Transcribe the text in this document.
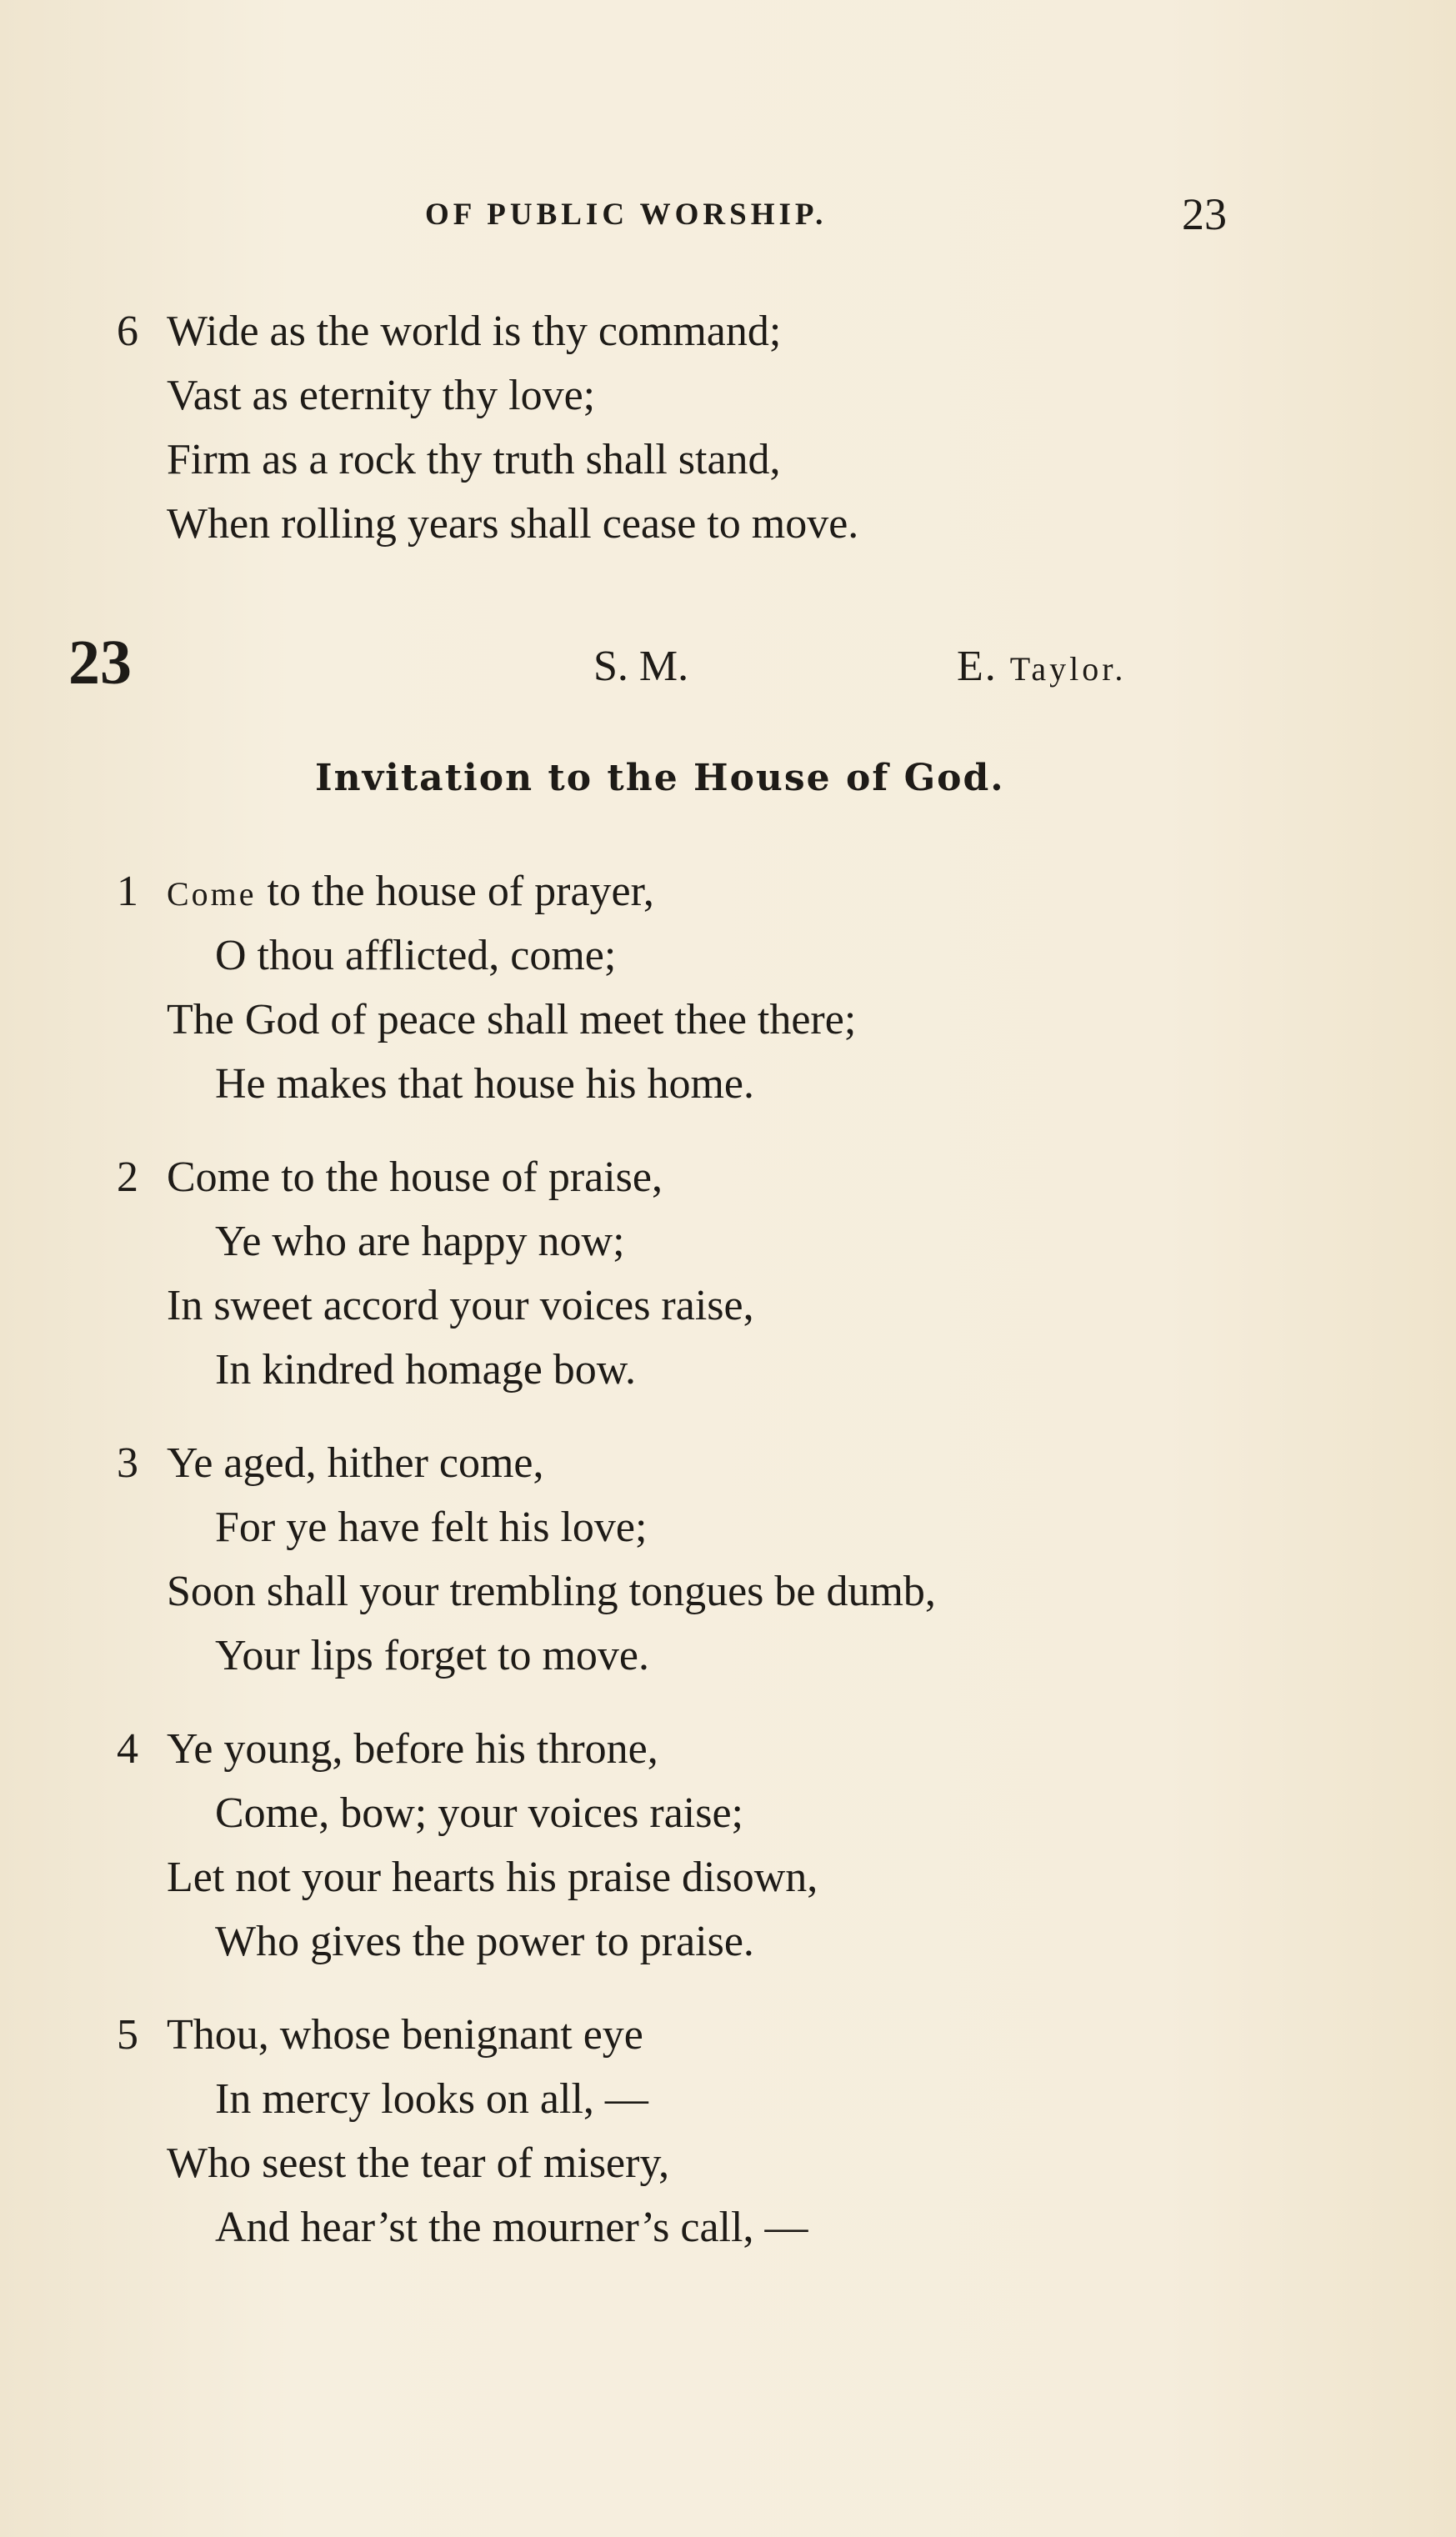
OF PUBLIC WORSHIP.	23
6 Wide as the world is thy command;

Vast as eternity thy love;

Firm as a rock thy truth shall stand,

When rolling years shall cease to move.

23	S. M.	E. Taylor.
Invitation to the House of God.
1 Come to the house of prayer,

O thou afflicted, come;

The God of peace shall meet thee there;

He makes that house his home.

2 Come to the house of praise,

Ye who are happy now;

In sweet accord your voices raise,

In kindred homage bow.

3 Ye aged, hither come,

For ye have felt his love;

Soon shall your trembling tongues be dumb,

Your lips forget to move.

4 Ye young, before his throne,

Come, bow; your voices raise;

Let not your hearts his praise disown,

Who gives the power to praise.

5 Thou, whose benignant eye

In mercy looks on all, —

Who seest the tear of misery,

And hear’st the mourner’s call, —
